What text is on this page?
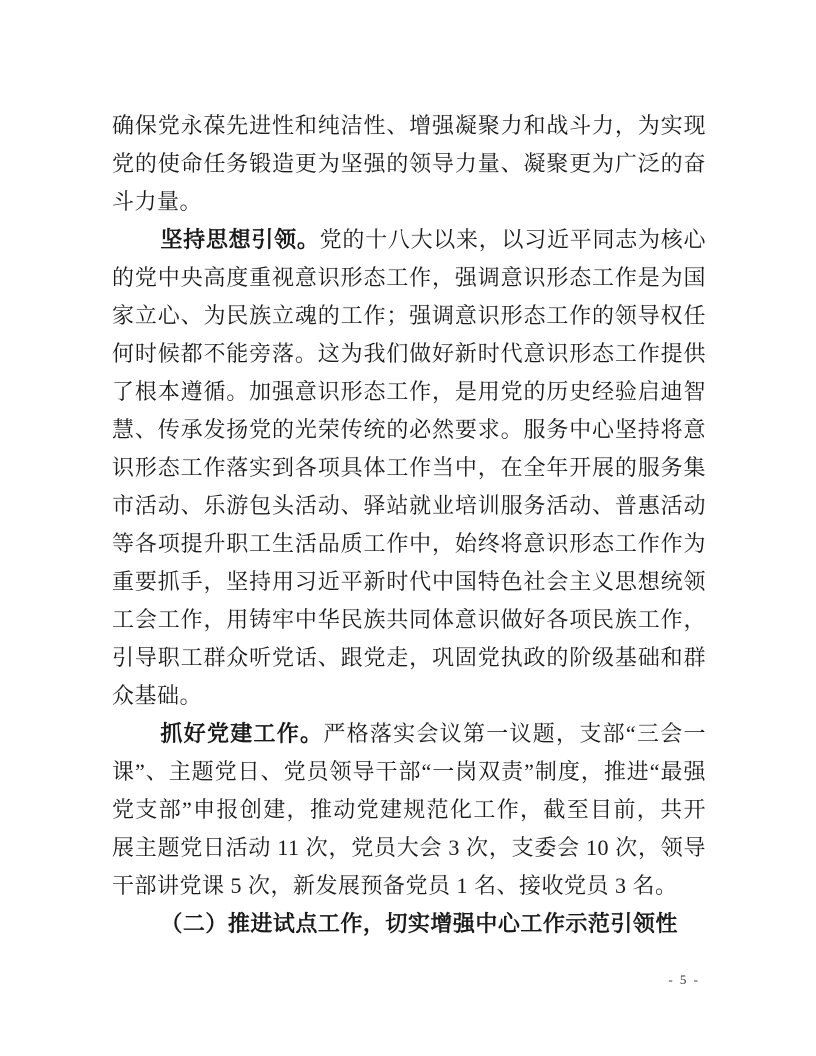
确保党永葆先进性和纯洁性、增强凝聚力和战斗力，为实现党的使命任务锻造更为坚强的领导力量、凝聚更为广泛的奋斗力量。

坚持思想引领。党的十八大以来，以习近平同志为核心的党中央高度重视意识形态工作，强调意识形态工作是为国家立心、为民族立魂的工作；强调意识形态工作的领导权任何时候都不能旁落。这为我们做好新时代意识形态工作提供了根本遵循。加强意识形态工作，是用党的历史经验启迪智慧、传承发扬党的光荣传统的必然要求。服务中心坚持将意识形态工作落实到各项具体工作当中，在全年开展的服务集市活动、乐游包头活动、驿站就业培训服务活动、普惠活动等各项提升职工生活品质工作中，始终将意识形态工作作为重要抓手，坚持用习近平新时代中国特色社会主义思想统领工会工作，用铸牢中华民族共同体意识做好各项民族工作，引导职工群众听党话、跟党走，巩固党执政的阶级基础和群众基础。

抓好党建工作。严格落实会议第一议题，支部“三会一课”、主题党日、党员领导干部“一岗双责”制度，推进“最强党支部”申报创建，推动党建规范化工作，截至目前，共开展主题党日活动 11 次，党员大会 3 次，支委会 10 次，领导干部讲党课 5 次，新发展预备党员 1 名、接收党员 3 名。

（二）推进试点工作，切实增强中心工作示范引领性

- 5 -
